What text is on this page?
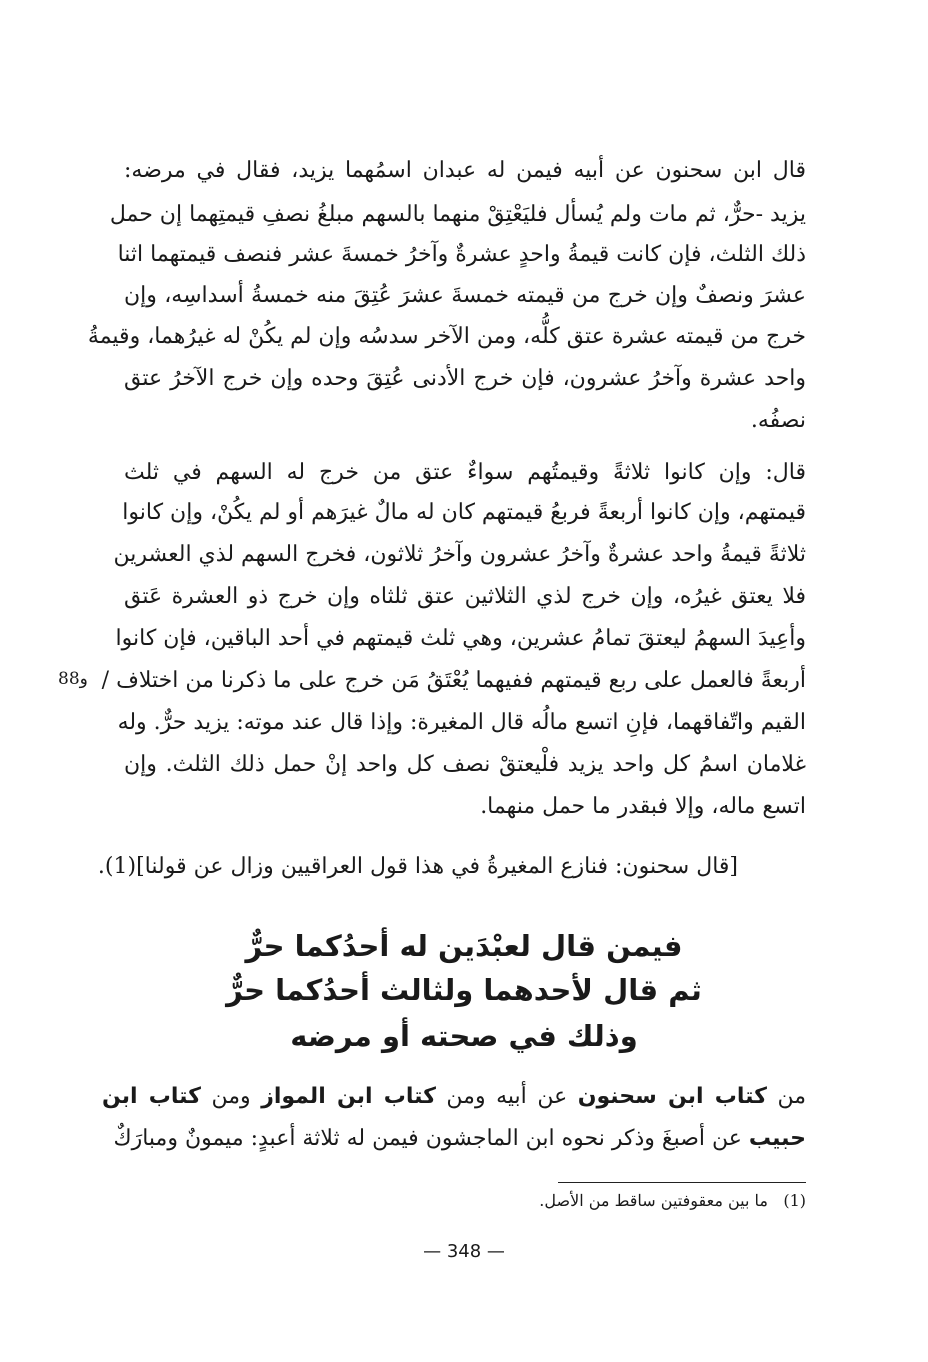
قال ابن سحنون عن أبيه فيمن له عبدان اسمُهما يزيد، فقال في مرضه:
يزيد -حرٌّ، ثم مات ولم يُسأل فليَعْتِقْ منهما بالسهم مبلغُ نصفِ قيمتِهما إن حمل
ذلك الثلث، فإن كانت قيمةُ واحدٍ عشرةٌ وآخرُ خمسةَ عشر فنصف قيمتهما اثنا
عشرَ ونصفٌ وإن خرج من قيمته خمسةَ عشرَ عُتِقَ منه خمسةُ أسداسِه، وإن
خرج من قيمته عشرة عتق كلُّه، ومن الآخر سدسُه وإن لم يكُنْ له غيرُهما، وقيمةُ
واحد عشرة وآخرُ عشرون، فإن خرج الأدنى عُتِقَ وحده وإن خرج الآخرُ عتق
نصفُه.
قال: وإن كانوا ثلاثةً وقيمتُهم سواءٌ عتق من خرج له السهم في ثلث
قيمتهم، وإن كانوا أربعةً فربعُ قيمتهم كان له مالٌ غيرَهم أو لم يكُنْ، وإن كانوا
ثلاثةً قيمةُ واحد عشرةٌ وآخرُ عشرون وآخرُ ثلاثون، فخرج السهم لذي العشرين
فلا يعتق غيرُه، وإن خرج لذي الثلاثين عتق ثلثاه وإن خرج ذو العشرة عَتق
وأعِيدَ السهمُ ليعتقَ تمامُ عشرين، وهي ثلث قيمتهم في أحد الباقين، فإن كانوا
أربعةً فالعمل على ربع قيمتهم ففيهما يُعْتَقُ مَن خرج على ما ذكرنا من اختلاف /
القيم واتّفاقهما، فإنِ اتسع مالُه قال المغيرة: وإذا قال عند موته: يزيد حرٌّ. وله
غلامان اسمُ كل واحد يزيد فلْيعتقْ نصف كل واحد إنْ حمل ذلك الثلث. وإن
اتسع ماله، وإلا فبقدر ما حمل منهما.
و88
[قال سحنون: فنازع المغيرةُ في هذا قول العراقيين وزال عن قولنا](1).
فيمن قال لعبْدَين له أحدُكما حرٌّ
ثم قال لأحدهما ولثالث أحدُكما حرٌّ
وذلك في صحته أو مرضه
من كتاب ابن سحنون عن أبيه ومن كتاب ابن المواز ومن كتاب ابن
حبيب عن أصبغَ وذكر نحوه ابن الماجشون فيمن له ثلاثة أعبدٍ: ميمونٌ ومبارَكٌ
(1)
ما بين معقوفتين ساقط من الأصل.
— 348 —
